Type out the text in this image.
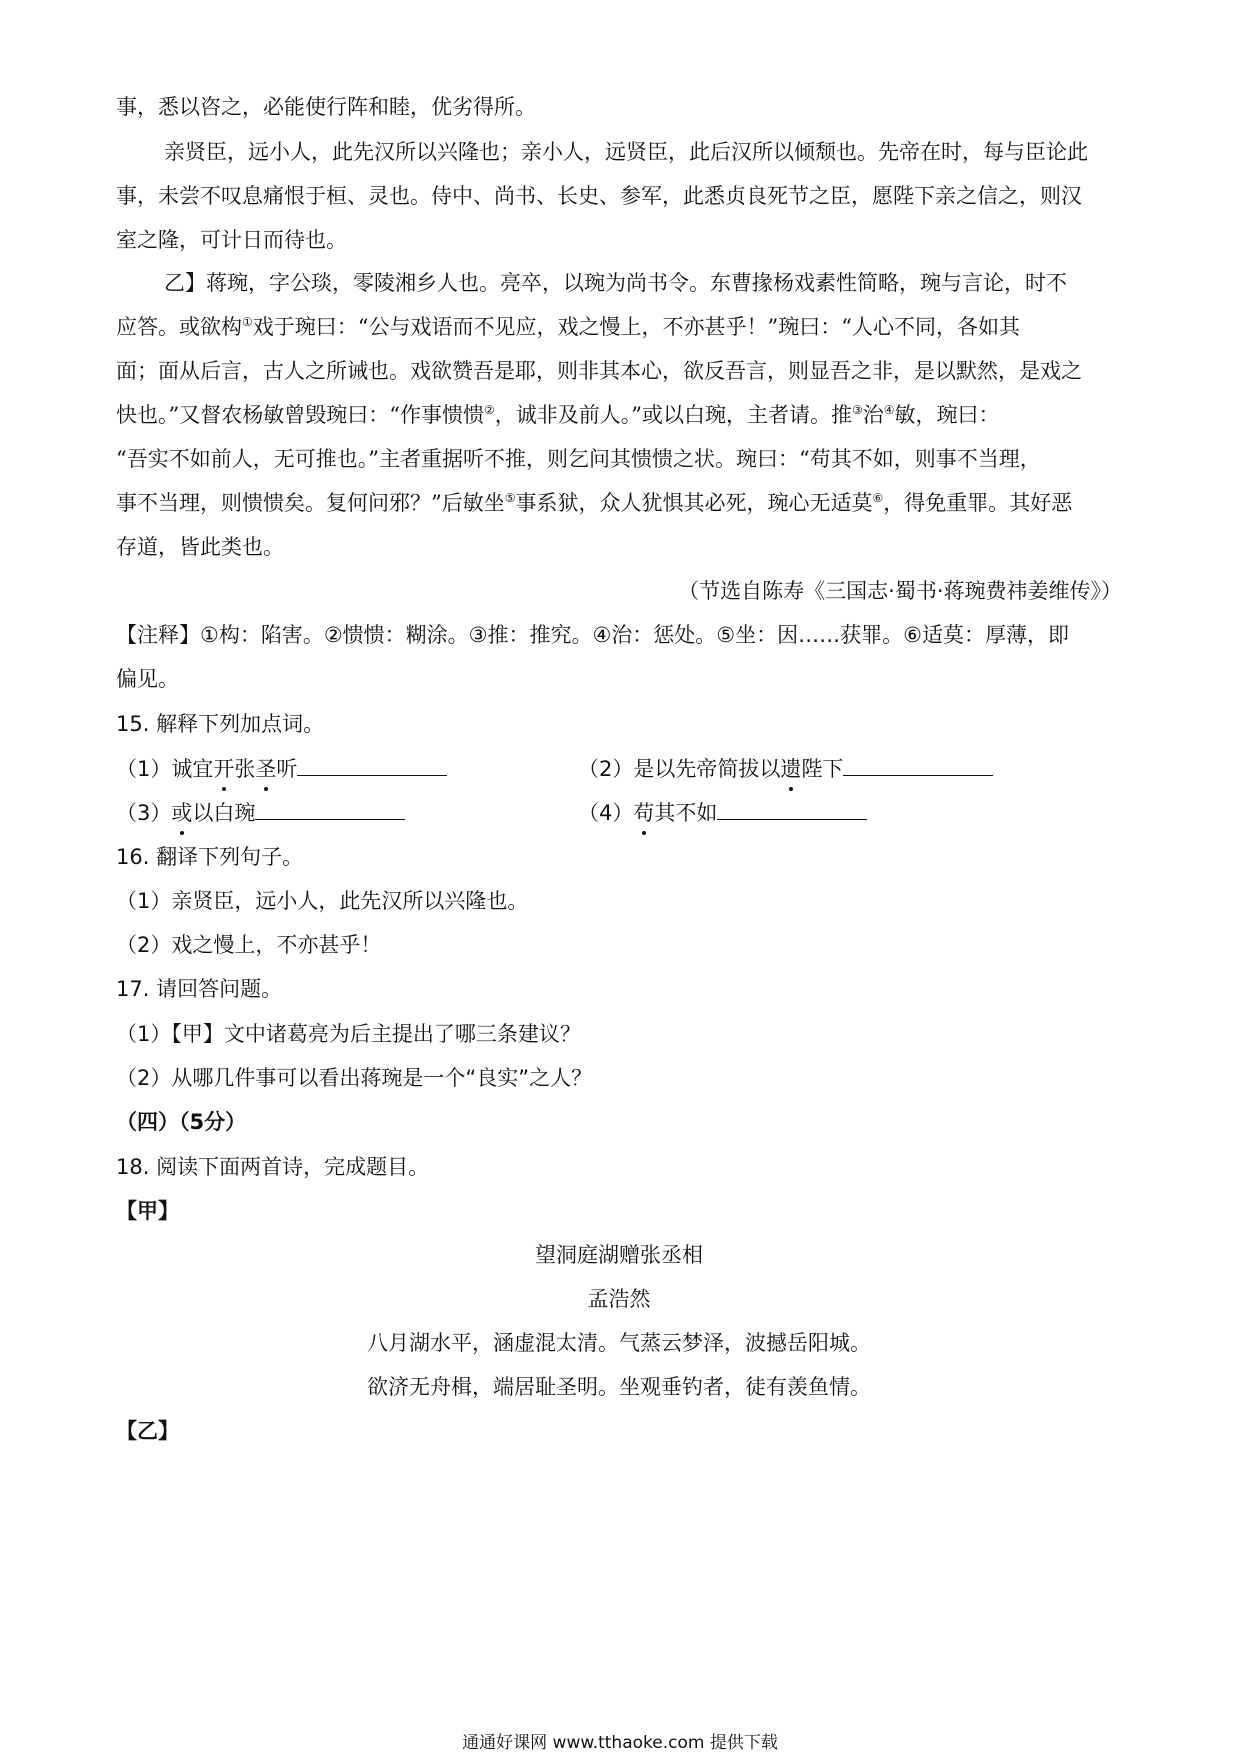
事，悉以咨之，必能使行阵和睦，优劣得所。
亲贤臣，远小人，此先汉所以兴隆也；亲小人，远贤臣，此后汉所以倾颓也。先帝在时，每与臣论此
事，未尝不叹息痛恨于桓、灵也。侍中、尚书、长史、参军，此悉贞良死节之臣，愿陛下亲之信之，则汉
室之隆，可计日而待也。
乙】蒋琬，字公琰，零陵湘乡人也。亮卒，以琬为尚书令。东曹掾杨戏素性简略，琬与言论，时不
应答。或欲构①戏于琬曰：“公与戏语而不见应，戏之慢上，不亦甚乎！”琬曰：“人心不同，各如其
面；面从后言，古人之所诫也。戏欲赞吾是耶，则非其本心，欲反吾言，则显吾之非，是以默然，是戏之
快也。”又督农杨敏曾毁琬曰：“作事愦愦②，诚非及前人。”或以白琬，主者请。推③治④敏，琬曰：
“吾实不如前人，无可推也。”主者重据听不推，则乞问其愦愦之状。琬曰：“苟其不如，则事不当理，
事不当理，则愦愦矣。复何问邪？”后敏坐⑤事系狱，众人犹惧其必死，琬心无适莫⑥，得免重罪。其好恶
存道，皆此类也。
（节选自陈寿《三国志·蜀书·蒋琬费祎姜维传》）
【注释】①构：陷害。②愦愦：糊涂。③推：推究。④治：惩处。⑤坐：因……获罪。⑥适莫：厚薄，即
偏见。
15. 解释下列加点词。
（1）诚宜开张圣听	（2）是以先帝简拔以遗陛下
（3）或以白琬	（4）苟其不如
16. 翻译下列句子。
（1）亲贤臣，远小人，此先汉所以兴隆也。
（2）戏之慢上，不亦甚乎！
17. 请回答问题。
（1）【甲】文中诸葛亮为后主提出了哪三条建议？
（2）从哪几件事可以看出蒋琬是一个“良实”之人？
（四）（5分）
18. 阅读下面两首诗，完成题目。
【甲】
望洞庭湖赠张丞相
孟浩然
八月湖水平，涵虚混太清。气蒸云梦泽，波撼岳阳城。
欲济无舟楫，端居耻圣明。坐观垂钓者，徒有羡鱼情。
【乙】
通通好课网 www.tthaoke.com 提供下载
